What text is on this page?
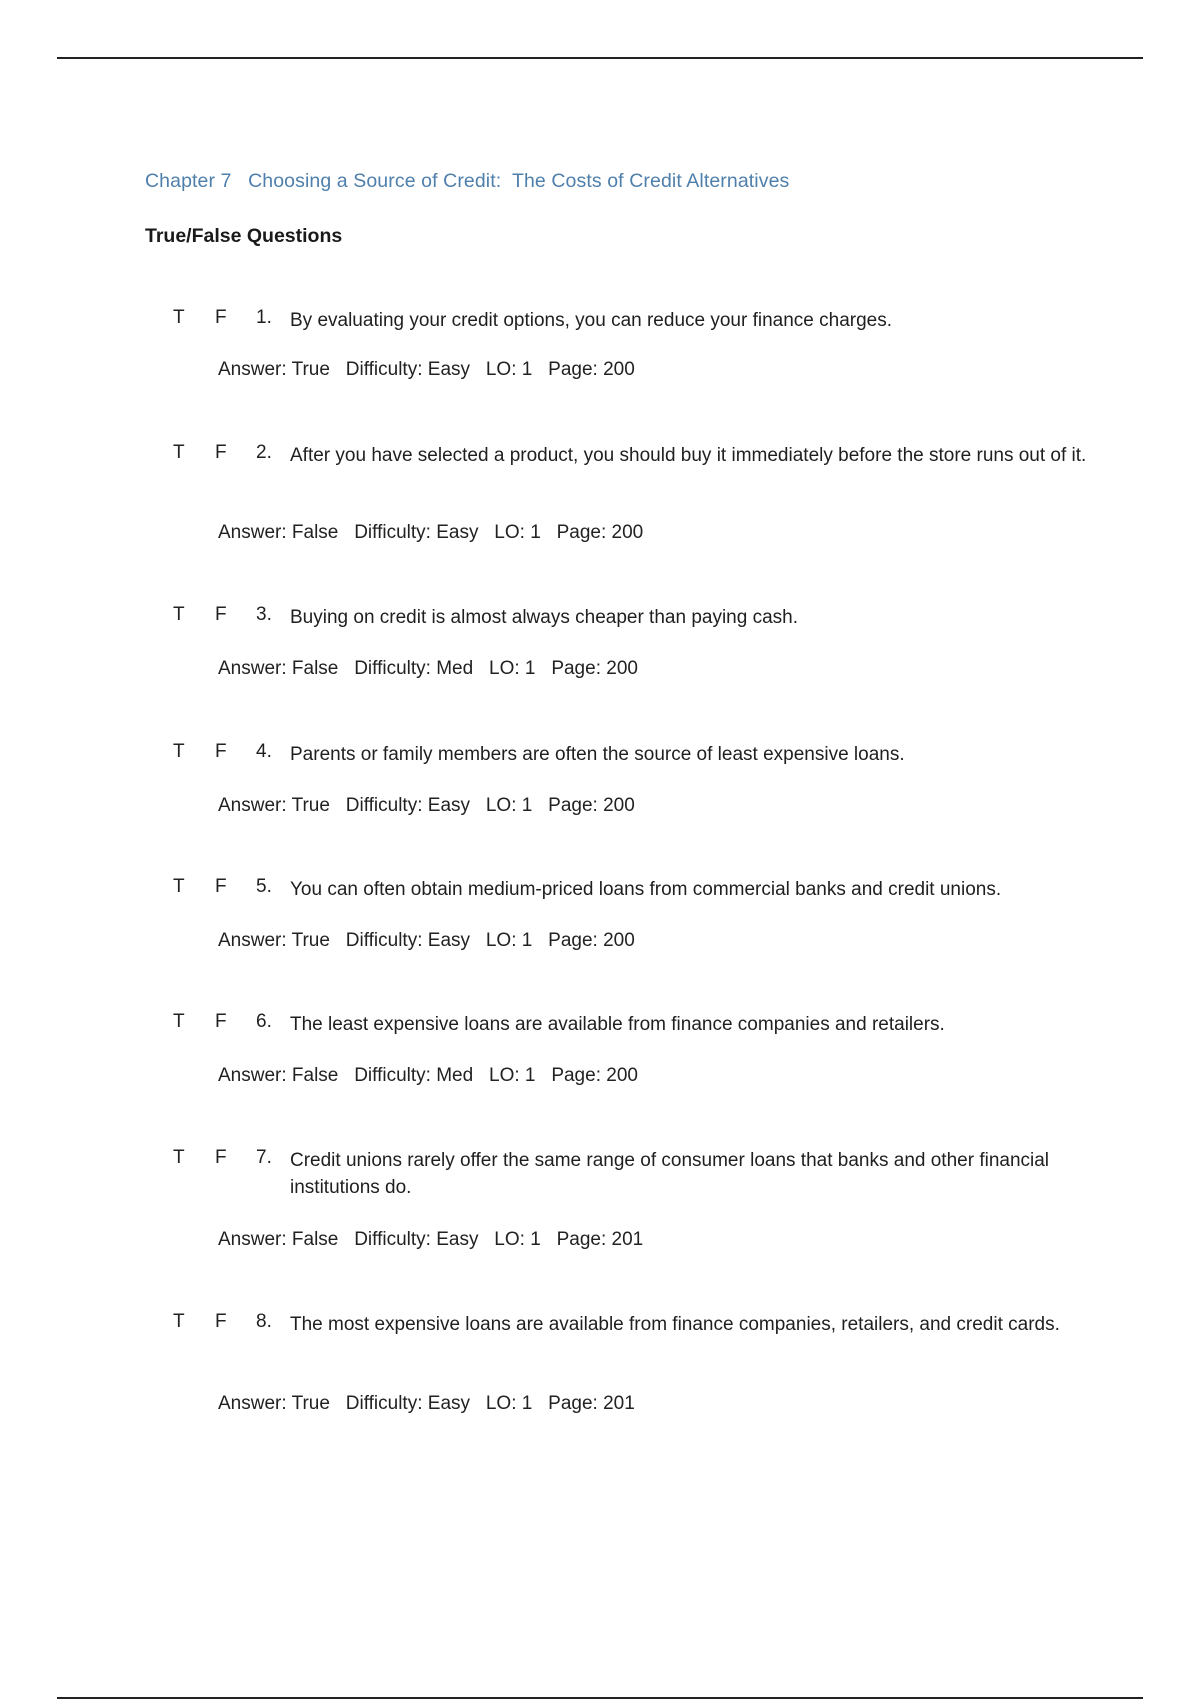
Chapter 7   Choosing a Source of Credit:  The Costs of Credit Alternatives
True/False Questions
T F 1. By evaluating your credit options, you can reduce your finance charges.
Answer: True   Difficulty: Easy   LO: 1   Page: 200
T F 2. After you have selected a product, you should buy it immediately before the store runs out of it.
Answer: False   Difficulty: Easy   LO: 1   Page: 200
T F 3. Buying on credit is almost always cheaper than paying cash.
Answer: False   Difficulty: Med   LO: 1   Page: 200
T F 4. Parents or family members are often the source of least expensive loans.
Answer: True   Difficulty: Easy   LO: 1   Page: 200
T F 5. You can often obtain medium-priced loans from commercial banks and credit unions.
Answer: True   Difficulty: Easy   LO: 1   Page: 200
T F 6. The least expensive loans are available from finance companies and retailers.
Answer: False   Difficulty: Med   LO: 1   Page: 200
T F 7. Credit unions rarely offer the same range of consumer loans that banks and other financial institutions do.
Answer: False   Difficulty: Easy   LO: 1   Page: 201
T F 8. The most expensive loans are available from finance companies, retailers, and credit cards.
Answer: True   Difficulty: Easy   LO: 1   Page: 201
